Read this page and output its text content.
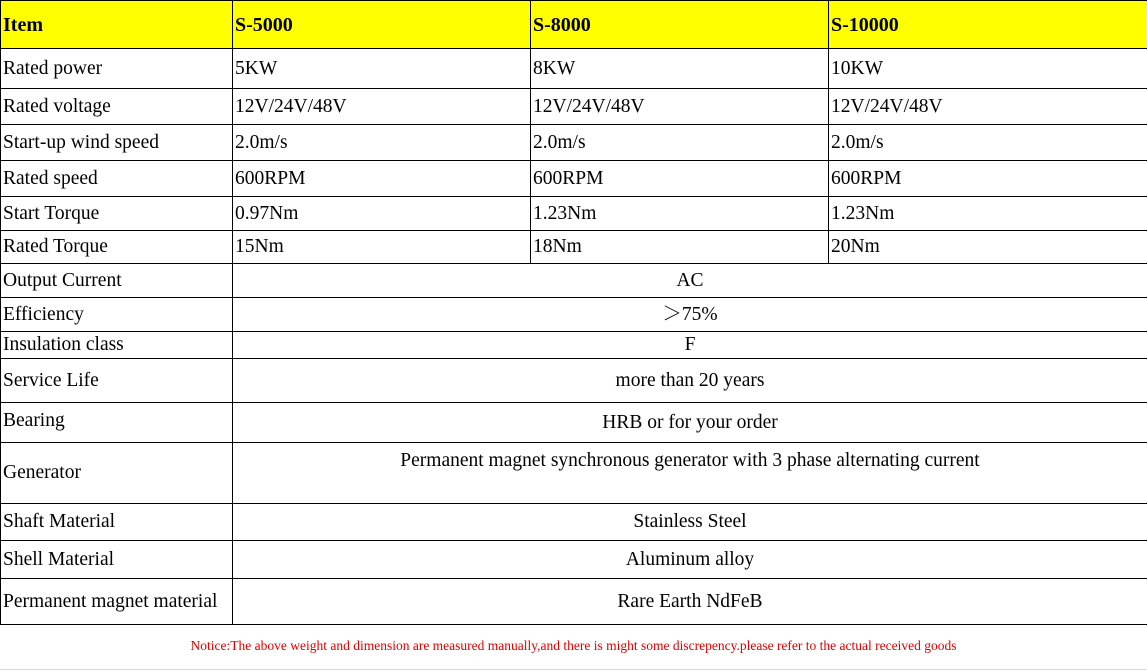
Item	S-5000	S-8000	S-10000
Rated power	5KW	8KW	10KW
Rated voltage	12V/24V/48V	12V/24V/48V	12V/24V/48V
Start-up wind speed	2.0m/s	2.0m/s	2.0m/s
Rated speed	600RPM	600RPM	600RPM
Start Torque	0.97Nm	1.23Nm	1.23Nm
Rated Torque	15Nm	18Nm	20Nm
Output Current	AC		
Efficiency	＞75%		
Insulation class	F		
Service Life	more than 20 years		
Bearing	HRB or for your order		
Generator	Permanent magnet synchronous generator with 3 phase alternating current		
Shaft Material	Stainless Steel		
Shell Material	Aluminum alloy		
Permanent magnet material	Rare Earth NdFeB		
Notice:The above weight and dimension are measured manually,and there is might some discrepency.please refer to the actual received goods
